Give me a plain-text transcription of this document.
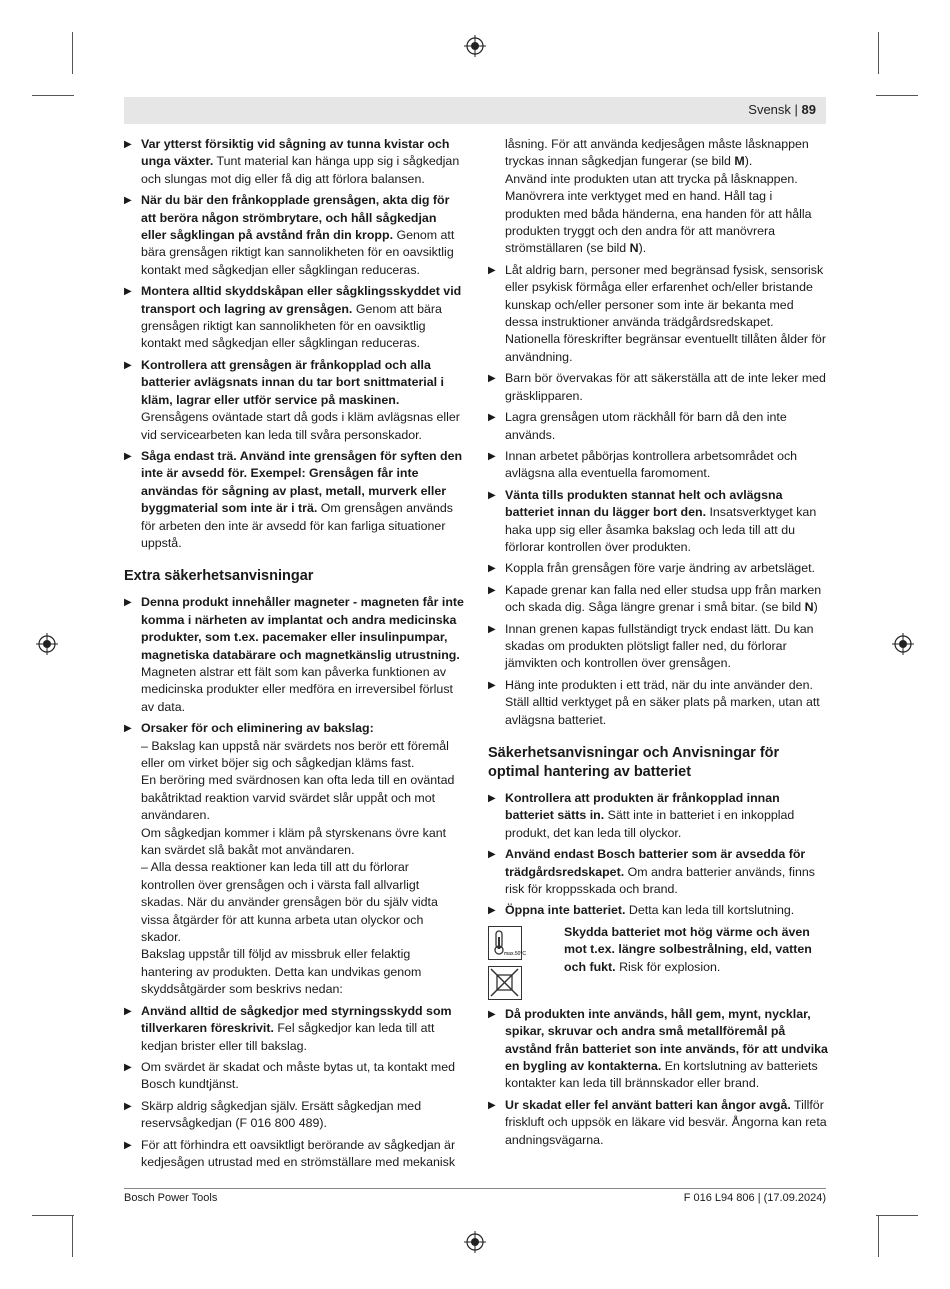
Svensk | 89
▶ Var ytterst försiktig vid sågning av tunna kvistar och unga växter. Tunt material kan hänga upp sig i sågkedjan och slungas mot dig eller få dig att förlora balansen.
▶ När du bär den frånkopplade grensågen, akta dig för att beröra någon strömbrytare, och håll sågkedjan eller sågklingan på avstånd från din kropp. Genom att bära grensågen riktigt kan sannolikheten för en oavsiktlig kontakt med sågkedjan eller sågklingan reduceras.
▶ Montera alltid skyddskåpan eller sågklingsskyddet vid transport och lagring av grensågen. Genom att bära grensågen riktigt kan sannolikheten för en oavsiktlig kontakt med sågkedjan eller sågklingan reduceras.
▶ Kontrollera att grensågen är frånkopplad och alla batterier avlägsnats innan du tar bort snittmaterial i kläm, lagrar eller utför service på maskinen. Grensågens oväntade start då gods i kläm avlägsnas eller vid servicearbeten kan leda till svåra personskador.
▶ Såga endast trä. Använd inte grensågen för syften den inte är avsedd för. Exempel: Grensågen får inte användas för sågning av plast, metall, murverk eller byggmaterial som inte är i trä. Om grensågen används för arbeten den inte är avsedd för kan farliga situationer uppstå.
Extra säkerhetsanvisningar
▶ Denna produkt innehåller magneter - magneten får inte komma i närheten av implantat och andra medicinska produkter, som t.ex. pacemaker eller insulinpumpar, magnetiska databärare och magnetkänslig utrustning. Magneten alstrar ett fält som kan påverka funktionen av medicinska produkter eller medföra en irreversibel förlust av data.
▶ Orsaker för och eliminering av bakslag:
– Bakslag kan uppstå när svärdets nos berör ett föremål eller om virket böjer sig och sågkedjan kläms fast.
En beröring med svärdnosen kan ofta leda till en oväntad bakåtriktad reaktion varvid svärdet slår uppåt och mot användaren.
Om sågkedjan kommer i kläm på styrskenans övre kant kan svärdet slå bakåt mot användaren.
– Alla dessa reaktioner kan leda till att du förlorar kontrollen över grensågen och i värsta fall allvarligt skadas. När du använder grensågen bör du själv vidta vissa åtgärder för att kunna arbeta utan olyckor och skador.
Bakslag uppstår till följd av missbruk eller felaktig hantering av produkten. Detta kan undvikas genom skyddsåtgärder som beskrivs nedan:
▶ Använd alltid de sågkedjor med styrningsskydd som tillverkaren föreskrivit. Fel sågkedjor kan leda till att kedjan brister eller till bakslag.
▶ Om svärdet är skadat och måste bytas ut, ta kontakt med Bosch kundtjänst.
▶ Skärp aldrig sågkedjan själv. Ersätt sågkedjan med reservsågkedjan (F 016 800 489).
▶ För att förhindra ett oavsiktligt berörande av sågkedjan är kedjesågen utrustad med en strömställare med mekanisk
låsning. För att använda kedjesågen måste låsknappen tryckas innan sågkedjan fungerar (se bild M).
Använd inte produkten utan att trycka på låsknappen. Manövrera inte verktyget med en hand. Håll tag i produkten med båda händerna, ena handen för att hålla produkten tryggt och den andra för att manövrera strömställaren (se bild N).
▶ Låt aldrig barn, personer med begränsad fysisk, sensorisk eller psykisk förmåga eller erfarenhet och/eller bristande kunskap och/eller personer som inte är bekanta med dessa instruktioner använda trädgårdsredskapet. Nationella föreskrifter begränsar eventuellt tillåten ålder för användning.
▶ Barn bör övervakas för att säkerställa att de inte leker med gräsklipparen.
▶ Lagra grensågen utom räckhåll för barn då den inte används.
▶ Innan arbetet påbörjas kontrollera arbetsområdet och avlägsna alla eventuella faromoment.
▶ Vänta tills produkten stannat helt och avlägsna batteriet innan du lägger bort den. Insatsverktyget kan haka upp sig eller åsamka bakslag och leda till att du förlorar kontrollen över produkten.
▶ Koppla från grensågen före varje ändring av arbetsläget.
▶ Kapade grenar kan falla ned eller studsa upp från marken och skada dig. Såga längre grenar i små bitar. (se bild N)
▶ Innan grenen kapas fullständigt tryck endast lätt. Du kan skadas om produkten plötsligt faller ned, du förlorar jämvikten och kontrollen över grensågen.
▶ Häng inte produkten i ett träd, när du inte använder den. Ställ alltid verktyget på en säker plats på marken, utan att avlägsna batteriet.
Säkerhetsanvisningar och Anvisningar för optimal hantering av batteriet
▶ Kontrollera att produkten är frånkopplad innan batteriet sätts in. Sätt inte in batteriet i en inkopplad produkt, det kan leda till olyckor.
▶ Använd endast Bosch batterier som är avsedda för trädgårdsredskapet. Om andra batterier används, finns risk för kroppsskada och brand.
▶ Öppna inte batteriet. Detta kan leda till kortslutning.
max.50°C
Skydda batteriet mot hög värme och även mot t.ex. längre solbestrålning, eld, vatten och fukt. Risk för explosion.
▶ Då produkten inte används, håll gem, mynt, nycklar, spikar, skruvar och andra små metallföremål på avstånd från batteriet son inte används, för att undvika en bygling av kontakterna. En kortslutning av batteriets kontakter kan leda till brännskador eller brand.
▶ Ur skadat eller fel använt batteri kan ångor avgå. Tillför friskluft och uppsök en läkare vid besvär. Ångorna kan reta andningsvägarna.
Bosch Power Tools	F 016 L94 806 | (17.09.2024)
